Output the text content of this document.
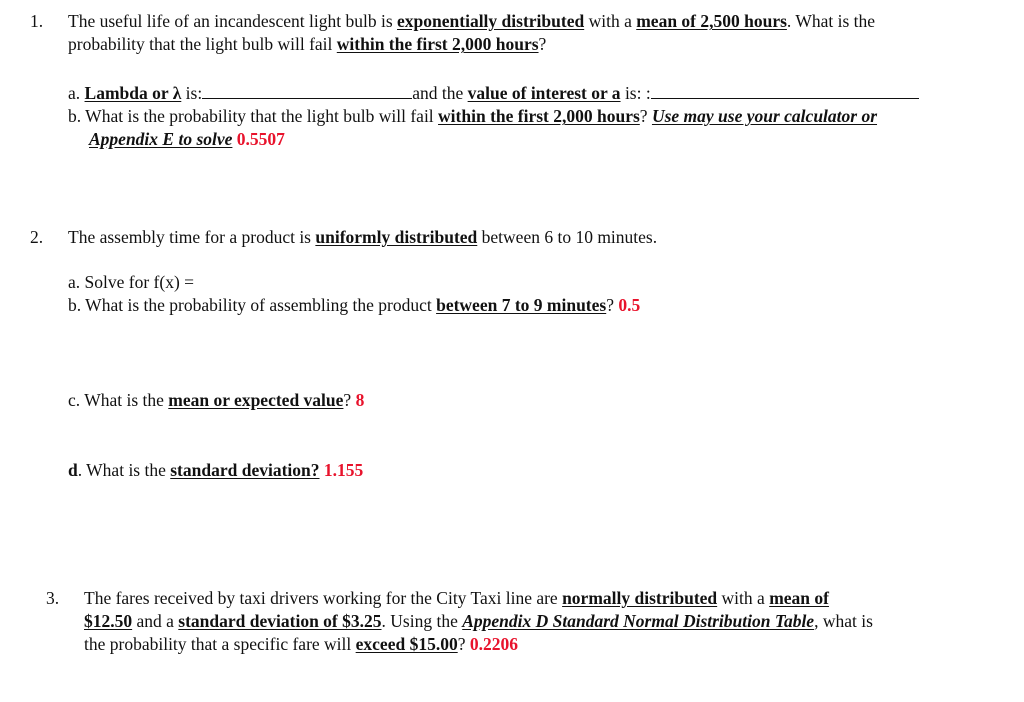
1. The useful life of an incandescent light bulb is exponentially distributed with a mean of 2,500 hours. What is the
probability that the light bulb will fail within the first 2,000 hours?
a. Lambda or λ is:	and the value of interest or a is: :
b. What is the probability that the light bulb will fail within the first 2,000 hours? Use may use your calculator or
Appendix E to solve 0.5507
2. The assembly time for a product is uniformly distributed between 6 to 10 minutes.
a. Solve for f(x) =
b. What is the probability of assembling the product between 7 to 9 minutes? 0.5
c. What is the mean or expected value? 8
d. What is the standard deviation? 1.155
3. The fares received by taxi drivers working for the City Taxi line are normally distributed with a mean of
$12.50 and a standard deviation of $3.25. Using the Appendix D Standard Normal Distribution Table, what is
the probability that a specific fare will exceed $15.00? 0.2206
